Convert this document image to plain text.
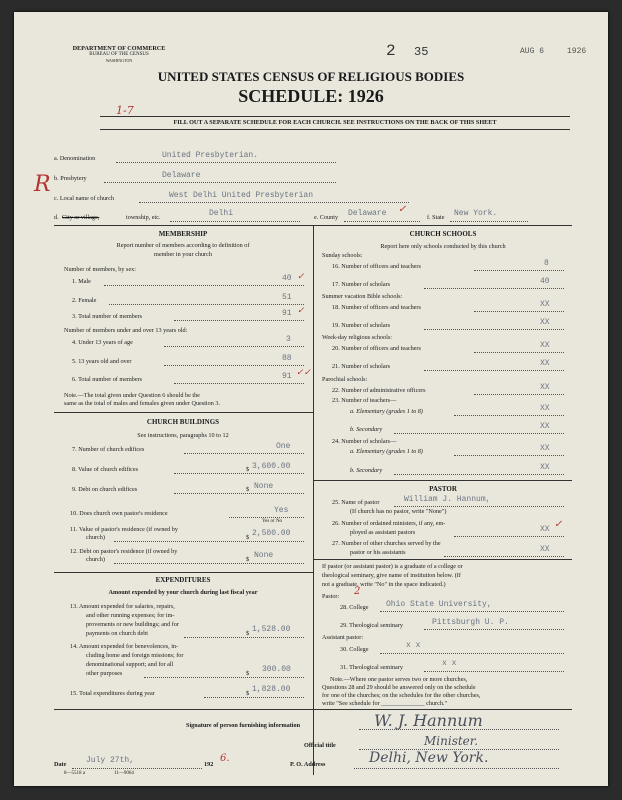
DEPARTMENT OF COMMERCE
BUREAU OF THE CENSUS
WASHINGTON
2 35	AUG 6	1926
UNITED STATES CENSUS OF RELIGIOUS BODIES
SCHEDULE: 1926
1-7
FILL OUT A SEPARATE SCHEDULE FOR EACH CHURCH. SEE INSTRUCTIONS ON THE BACK OF THIS SHEET
R
a. Denomination	United Presbyterian.
b. Presbytery	Delaware
c. Local name of church	West Delhi United Presbyterian
d. City or village,	township, etc.	Delhi	e. County Delaware ✓
f. State New York.
MEMBERSHIP
Report number of members according to definition of
member in your church
Number of members, by sex:
1. Male	40
2. Female	51
3. Total number of members	91
Number of members under and over 13 years old:
4. Under 13 years of age	3
5. 13 years old and over	88
6. Total number of members	91
Note.—The total given under Question 6 should be the
same as the total of males and females given under Question 3.
CHURCH BUILDINGS
See instructions, paragraphs 10 to 12
7. Number of church edifices	One
8. Value of church edifices	$ 3,600.00
9. Debt on church edifices	$ None
10. Does church own pastor's residence	Yes
Yes or No
11. Value of pastor's residence (if owned by
church)	$ 2,500.00
12. Debt on pastor's residence (if owned by
church)	$ None
EXPENDITURES
Amount expended by your church during last fiscal year
13. Amount expended for salaries, repairs,
and other running expenses; for im-
provements or new buildings; and for
payments on church debt	$ 1,528.00
14. Amount expended for benevolences, in-
cluding home and foreign missions; for
denominational support; and for all
other purposes	$ 300.00
15. Total expenditures during year	$ 1,828.00
CHURCH SCHOOLS
Report here only schools conducted by this church
Sunday schools:
16. Number of officers and teachers	8
17. Number of scholars	40
Summer vacation Bible schools:
18. Number of officers and teachers	XX
19. Number of scholars	XX
Week-day religious schools:
20. Number of officers and teachers	XX
21. Number of scholars	XX
Parochial schools:
22. Number of administrative officers	XX
23. Number of teachers—
a. Elementary (grades 1 to 8)	XX
b. Secondary	XX
24. Number of scholars—
a. Elementary (grades 1 to 8)	XX
b. Secondary	XX
PASTOR
25. Name of pastor	William J. Hannum,
(If church has no pastor, write "None")
26. Number of ordained ministers, if any, em-
ployed as assistant pastors	XX
27. Number of other churches served by the
pastor or his assistants	XX
If pastor (or assistant pastor) is a graduate of a college or
theological seminary, give name of institution below. (If
not a graduate, write "No" in the space indicated.)
Pastor: 2
28. College Ohio State University,
29. Theological seminary	Pittsburgh U. P.
Assistant pastor:
30. College	x x
31. Theological seminary	x x
Note.—Where one pastor serves two or more churches,
Questions 28 and 29 should be answered only on the schedule
for one of the churches; on the schedules for the other churches,
write "See schedule for ______________ church."
Signature of person furnishing information	W. J. Hannum
Official title	Minister.
Date July 27th,	192
6.
P. O. Address	Delhi, New York.
8—5518 a	11—9064
✓
✓
✓✓
✓
